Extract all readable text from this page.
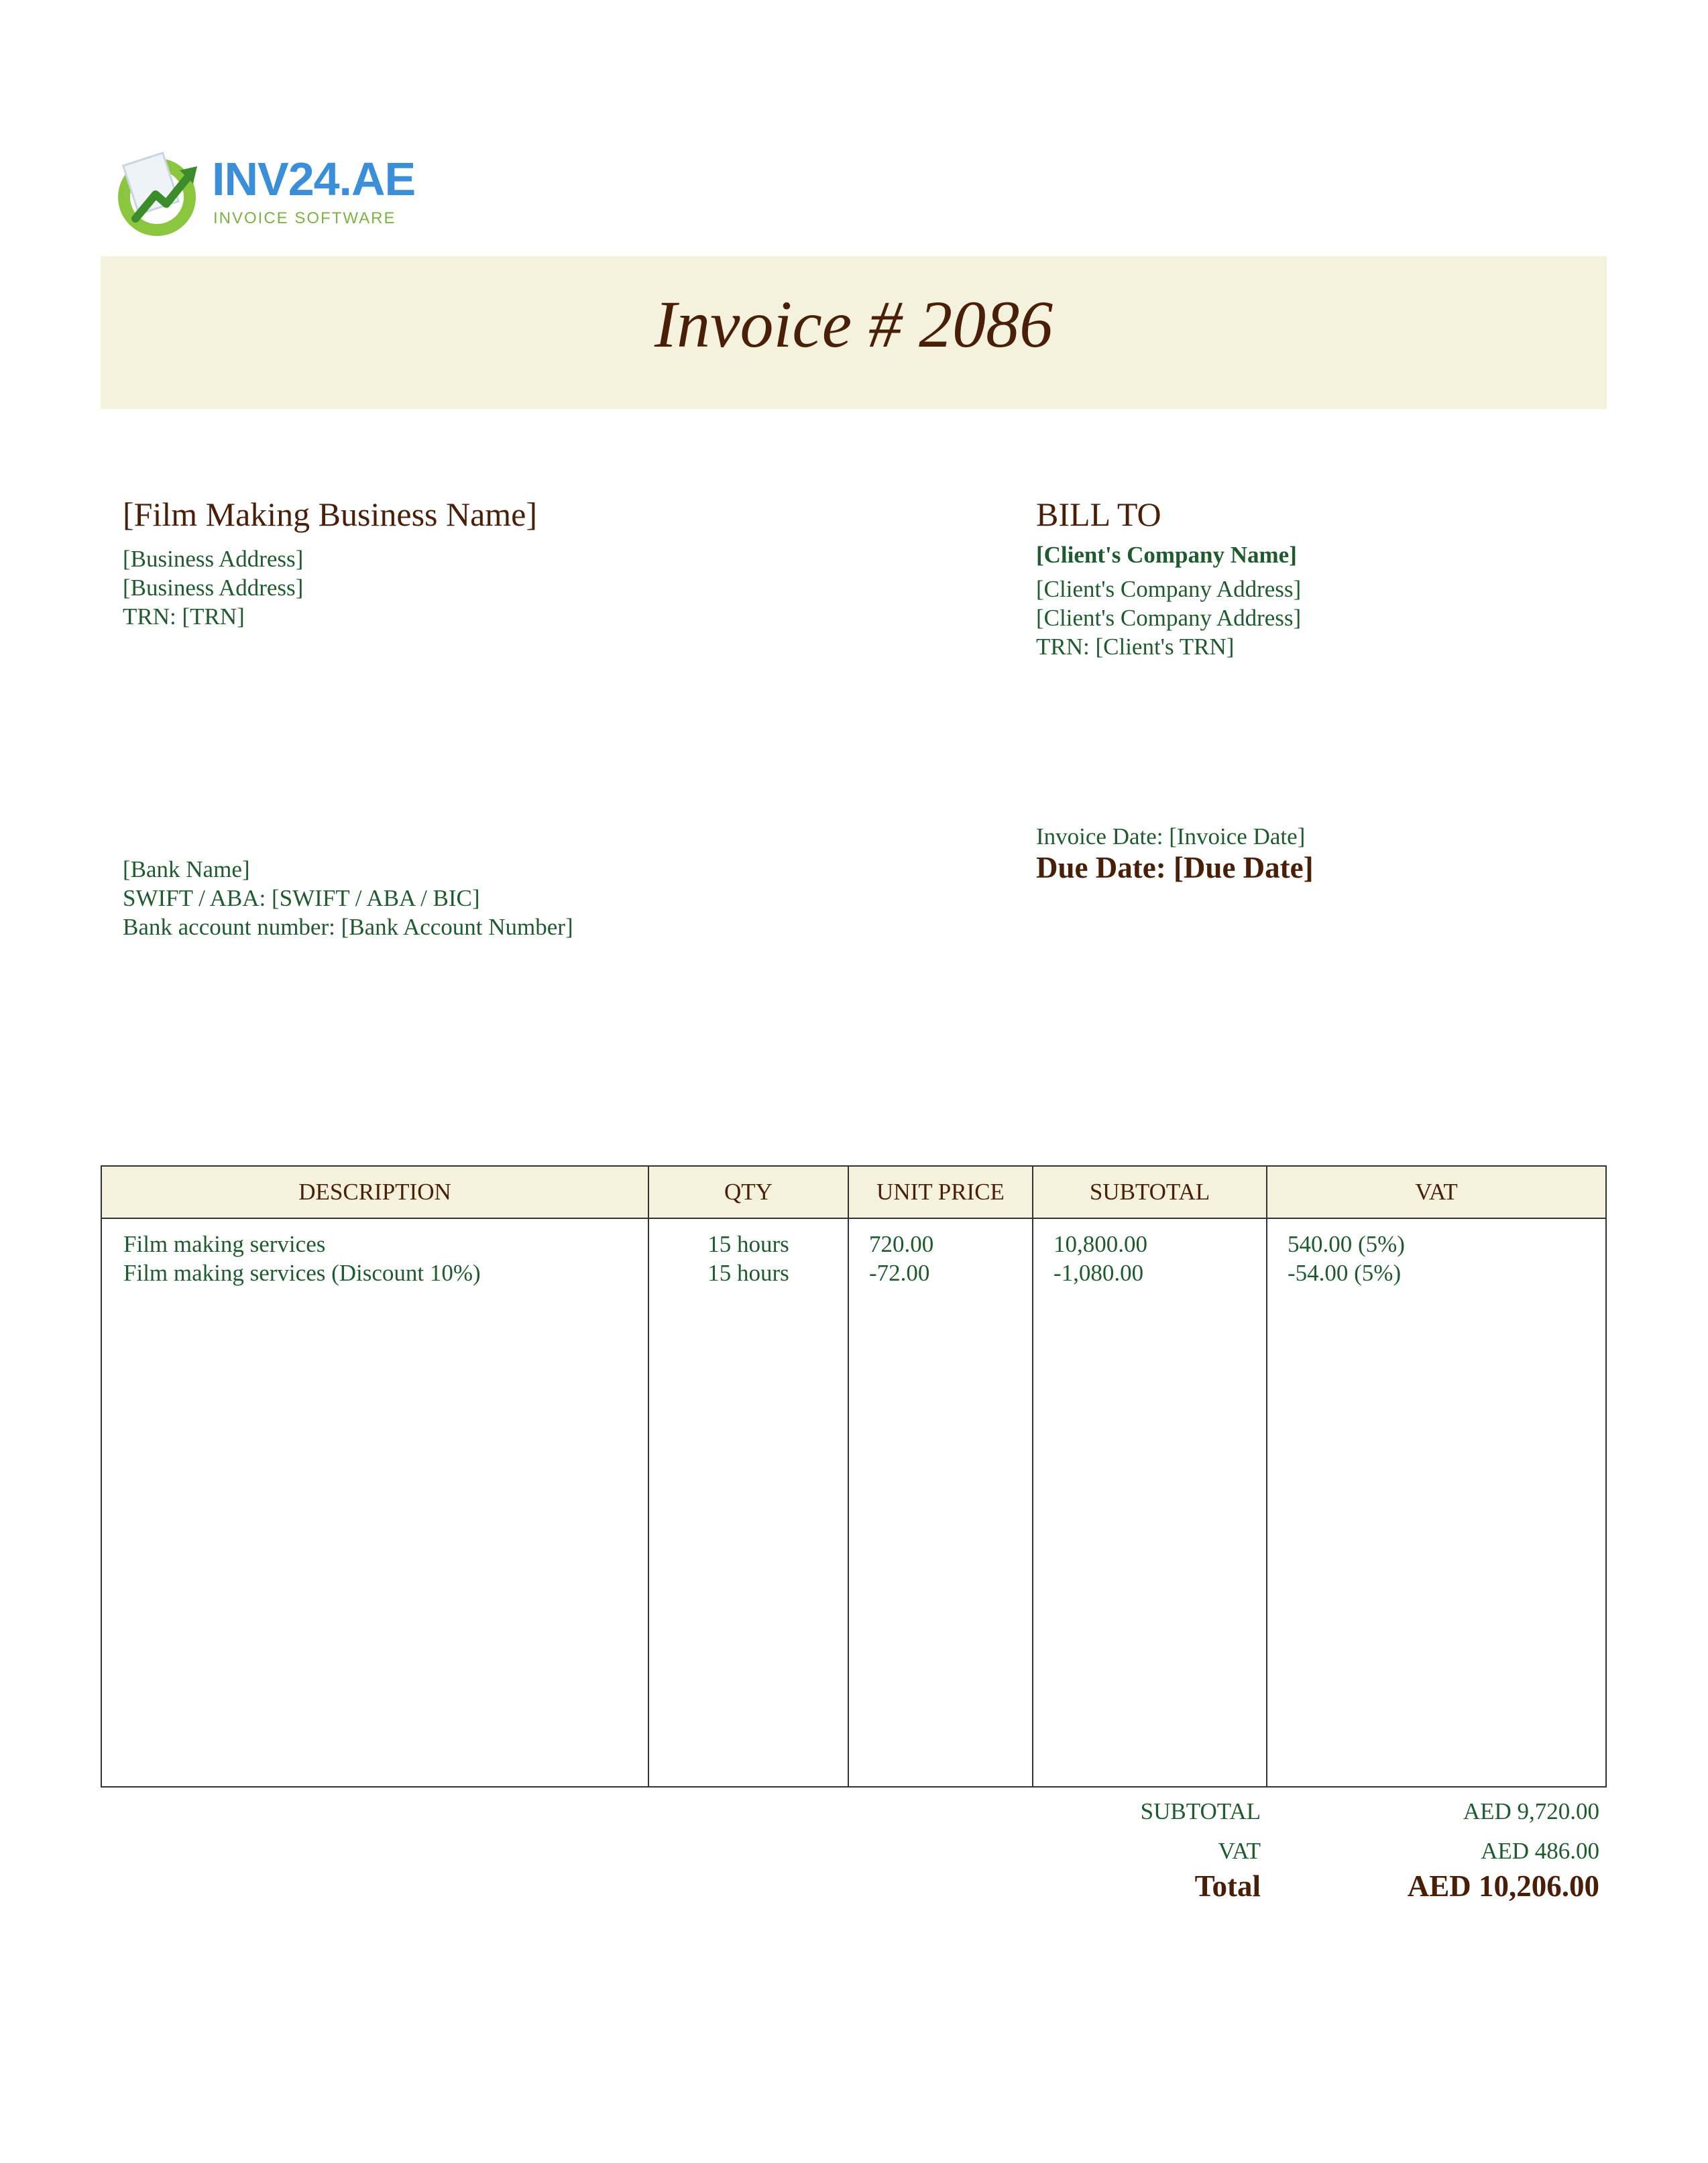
INV24.AE
INVOICE SOFTWARE
Invoice # 2086
[Film Making Business Name]
[Business Address]
[Business Address]
TRN: [TRN]
BILL TO
[Client's Company Name]
[Client's Company Address]
[Client's Company Address]
TRN: [Client's TRN]
[Bank Name]
SWIFT / ABA: [SWIFT / ABA / BIC]
Bank account number: [Bank Account Number]
Invoice Date: [Invoice Date]
Due Date: [Due Date]
DESCRIPTION	QTY	UNIT PRICE	SUBTOTAL	VAT
Film making services	15 hours	720.00	10,800.00	540.00 (5%)
Film making services (Discount 10%)	15 hours	-72.00	-1,080.00	-54.00 (5%)
SUBTOTAL	AED 9,720.00
VAT	AED 486.00
Total	AED 10,206.00
